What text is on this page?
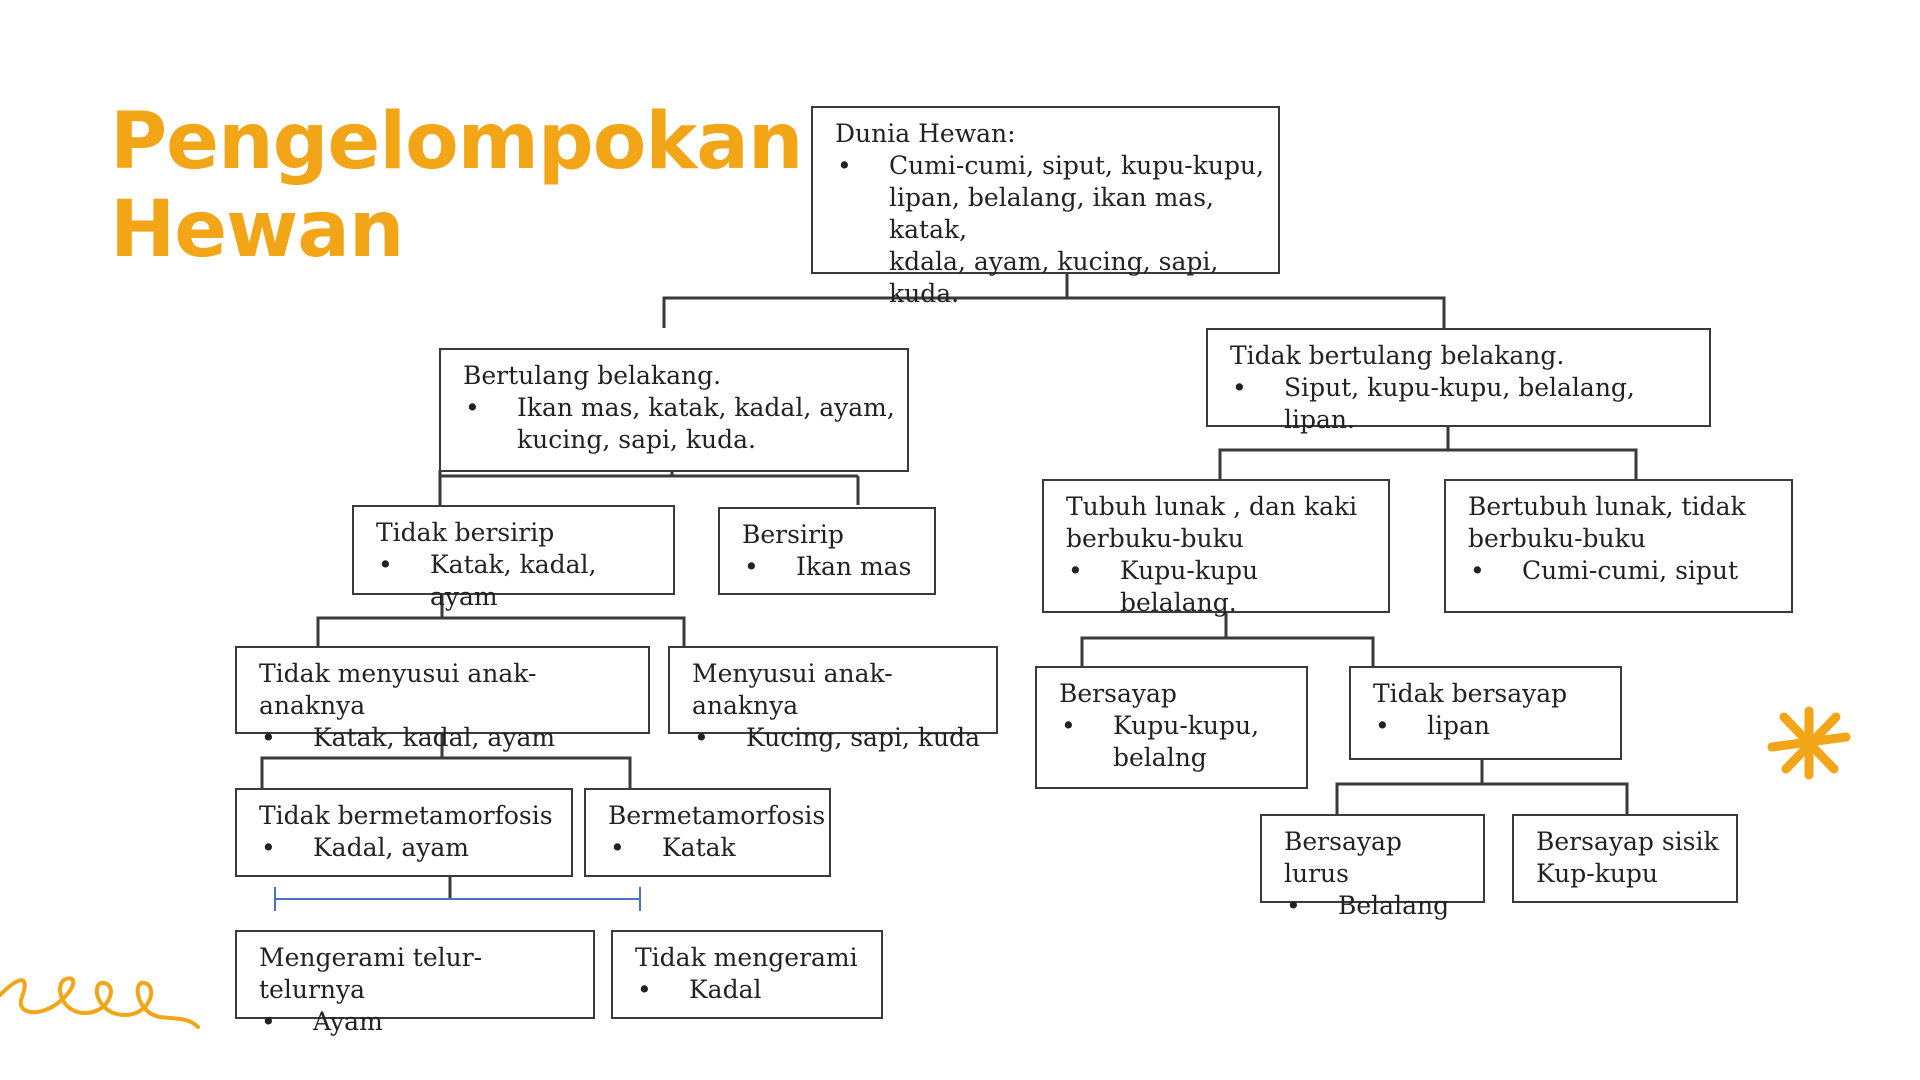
Pengelompokan
Hewan
Dunia Hewan:
• Cumi-cumi, siput, kupu-kupu,
lipan, belalang, ikan mas, katak,
kdala, ayam, kucing, sapi, kuda.
Bertulang belakang.
• Ikan mas, katak, kadal, ayam,
kucing, sapi, kuda.
Tidak bertulang belakang.
• Siput, kupu-kupu, belalang, lipan.
Tidak bersirip
• Katak, kadal, ayam
Bersirip
• Ikan mas
Tidak menyusui anak-anaknya
• Katak, kadal, ayam
Menyusui anak-anaknya
• Kucing, sapi, kuda
Tidak bermetamorfosis
• Kadal, ayam
Bermetamorfosis
• Katak
Mengerami telur-telurnya
• Ayam
Tidak mengerami
• Kadal
Tubuh lunak , dan kaki
berbuku-buku
• Kupu-kupu belalang.
Bertubuh lunak, tidak
berbuku-buku
• Cumi-cumi, siput
Bersayap
• Kupu-kupu,
belalng
Tidak bersayap
• lipan
Bersayap lurus
• Belalang
Bersayap sisik
Kup-kupu
